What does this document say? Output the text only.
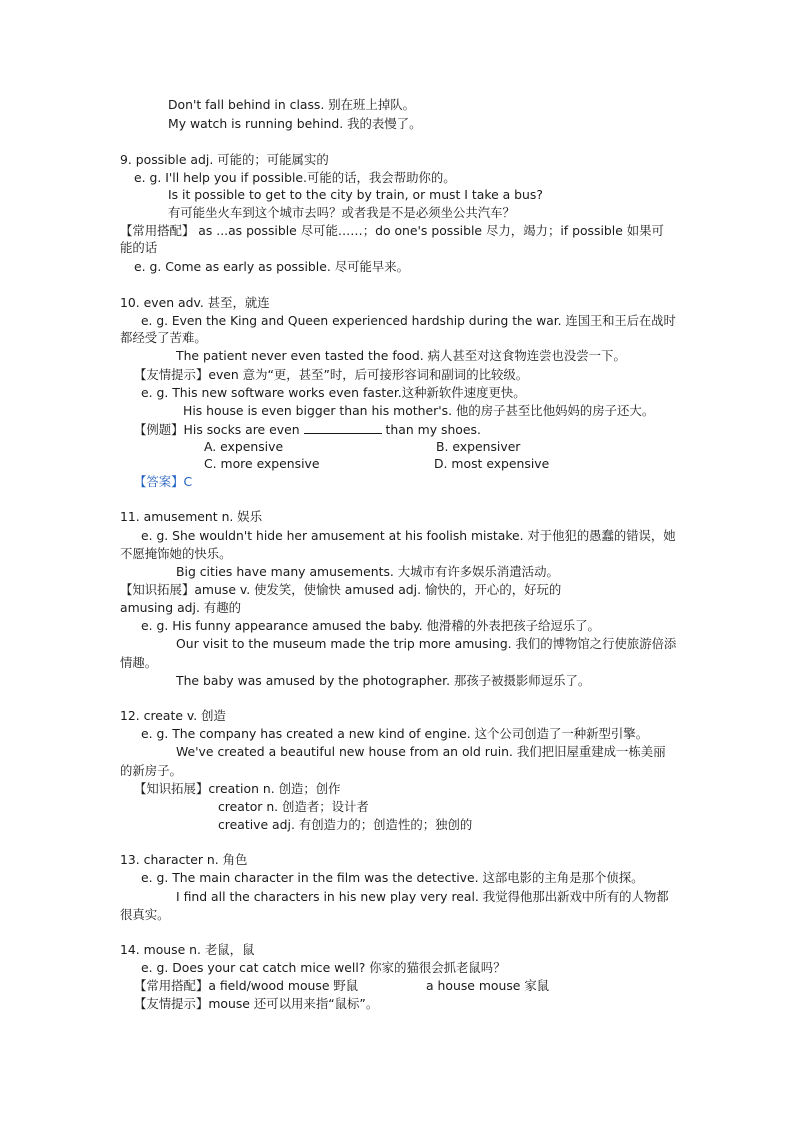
Don't fall behind in class. 别在班上掉队。
My watch is running behind. 我的表慢了。
9. possible adj. 可能的；可能属实的
e. g. I'll help you if possible.可能的话，我会帮助你的。
Is it possible to get to the city by train, or must I take a bus?
有可能坐火车到这个城市去吗？或者我是不是必须坐公共汽车？
【常用搭配】 as ...as possible 尽可能……；do one's possible 尽力，竭力；if possible 如果可
能的话
e. g. Come as early as possible. 尽可能早来。
10. even adv. 甚至，就连
e. g. Even the King and Queen experienced hardship during the war. 连国王和王后在战时
都经受了苦难。
The patient never even tasted the food. 病人甚至对这食物连尝也没尝一下。
【友情提示】even 意为“更，甚至”时，后可接形容词和副词的比较级。
e. g. This new software works even faster.这种新软件速度更快。
His house is even bigger than his mother's. 他的房子甚至比他妈妈的房子还大。
【例题】His socks are even	than my shoes.
A. expensive	B. expensiver
C. more expensive	D. most expensive
【答案】C
11. amusement n. 娱乐
e. g. She wouldn't hide her amusement at his foolish mistake. 对于他犯的愚蠢的错误，她
不愿掩饰她的快乐。
Big cities have many amusements. 大城市有许多娱乐消遣活动。
【知识拓展】amuse v. 使发笑，使愉快 amused adj. 愉快的，开心的，好玩的
amusing adj. 有趣的
e. g. His funny appearance amused the baby. 他滑稽的外表把孩子给逗乐了。
Our visit to the museum made the trip more amusing. 我们的博物馆之行使旅游倍添
情趣。
The baby was amused by the photographer. 那孩子被摄影师逗乐了。
12. create v. 创造
e. g. The company has created a new kind of engine. 这个公司创造了一种新型引擎。
We've created a beautiful new house from an old ruin. 我们把旧屋重建成一栋美丽
的新房子。
【知识拓展】creation n. 创造；创作
creator n. 创造者；设计者
creative adj. 有创造力的；创造性的；独创的
13. character n. 角色
e. g. The main character in the film was the detective. 这部电影的主角是那个侦探。
I find all the characters in his new play very real. 我觉得他那出新戏中所有的人物都
很真实。
14. mouse n. 老鼠，鼠
e. g. Does your cat catch mice well? 你家的猫很会抓老鼠吗？
【常用搭配】a field/wood mouse 野鼠	a house mouse 家鼠
【友情提示】mouse 还可以用来指“鼠标”。
